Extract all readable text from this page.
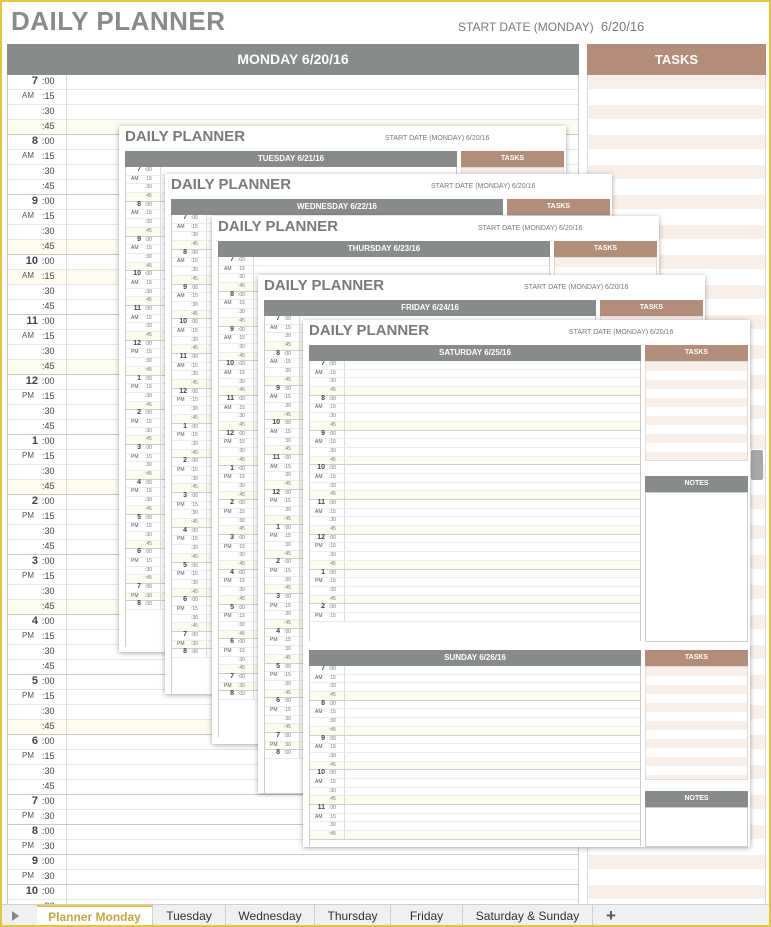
DAILY PLANNER	START DATE (MONDAY) 6/20/16
MONDAY 6/20/16	TASKS
7 :00
AM :15
:30
:45
8 :00
AM :15
:30
:45
9 :00
AM :15
:30
:45
10 :00
AM :15
:30
:45
11 :00
AM :15
:30
:45
12 :00
PM :15
:30
:45
1 :00
PM :15
:30
:45
2 :00
PM :15
:30
:45
3 :00
PM :15
:30
:45
4 :00
PM :15
:30
:45
5 :00
PM :15
:30
:45
6 :00
PM :15
:30
:45
7 :00
PM :30
8 :00
PM :30
9 :00
PM :30
10 :00
DAILY PLANNER	START DATE (MONDAY) 6/20/16
TUESDAY 6/21/16	TASKS
7 :00
AM :15
:30
:45
8 :00
AM :15
:30
:45
9 :00
AM :15
:30
:45
10 :00
AM :15
:30
:45
11 :00
AM :15
:30
:45
12 :00
PM :15
:30
:45
1 :00
PM :15
:30
:45
2 :00
PM :15
:30
:45
3 :00
PM :15
:30
:45
4 :00
PM :15
:30
:45
5 :00
PM :15
:30
:45
6 :00
PM :15
:30
:45
7 :00
PM :30
8 :00
DAILY PLANNER	START DATE (MONDAY) 6/20/16
WEDNESDAY 6/22/16	TASKS
7 :00
AM :15
:30
:45
8 :00
AM :15
:30
:45
9 :00
AM :15
:30
:45
10 :00
AM :15
:30
:45
11 :00
AM :15
:30
:45
12 :00
PM :15
:30
:45
1 :00
PM :15
:30
:45
2 :00
PM :15
:30
:45
3 :00
PM :15
:30
:45
4 :00
PM :15
:30
:45
5 :00
PM :15
:30
:45
6 :00
PM :15
:30
:45
7 :00
PM :30
8 :00
DAILY PLANNER	START DATE (MONDAY) 6/20/16
THURSDAY 6/23/16	TASKS
7 :00
AM :15
:30
:45
8 :00
AM :15
:30
:45
9 :00
AM :15
:30
:45
10 :00
AM :15
:30
:45
11 :00
AM :15
:30
:45
12 :00
PM :15
:30
:45
1 :00
PM :15
:30
:45
2 :00
PM :15
:30
:45
3 :00
PM :15
:30
:45
4 :00
PM :15
:30
:45
5 :00
PM :15
:30
:45
6 :00
PM :15
:30
:45
7 :00
PM :30
8 :00
DAILY PLANNER	START DATE (MONDAY) 6/20/16
FRIDAY 6/24/16	TASKS
7 :00
AM :15
:30
:45
8 :00
AM :15
:30
:45
9 :00
AM :15
:30
:45
10 :00
AM :15
:30
:45
11 :00
AM :15
:30
:45
12 :00
PM :15
:30
:45
1 :00
PM :15
:30
:45
2 :00
PM :15
:30
:45
3 :00
PM :15
:30
:45
4 :00
PM :15
:30
:45
5 :00
PM :15
:30
:45
6 :00
PM :15
:30
:45
7 :00
PM :30
8 :00
DAILY PLANNER	START DATE (MONDAY) 6/20/16
SATURDAY 6/25/16	TASKS
7 :00
AM :15
:30
:45
8 :00
AM :15
:30
:45
9 :00
AM :15
:30
:45
10 :00
AM :15
:30
:45
11 :00
AM :15
:30
:45
12 :00
PM :15
:30
:45
1 :00
PM :15
:30
:45
2 :00
PM :15
NOTES
SUNDAY 6/26/16	TASKS
7 :00
AM :15
:30
:45
8 :00
AM :15
:30
:45
9 :00
AM :15
:30
:45
10 :00
AM :15
:30
:45
11 :00
AM :15
:30
:45
NOTES
Planner Monday	Tuesday	Wednesday	Thursday	Friday	Saturday & Sunday	+
